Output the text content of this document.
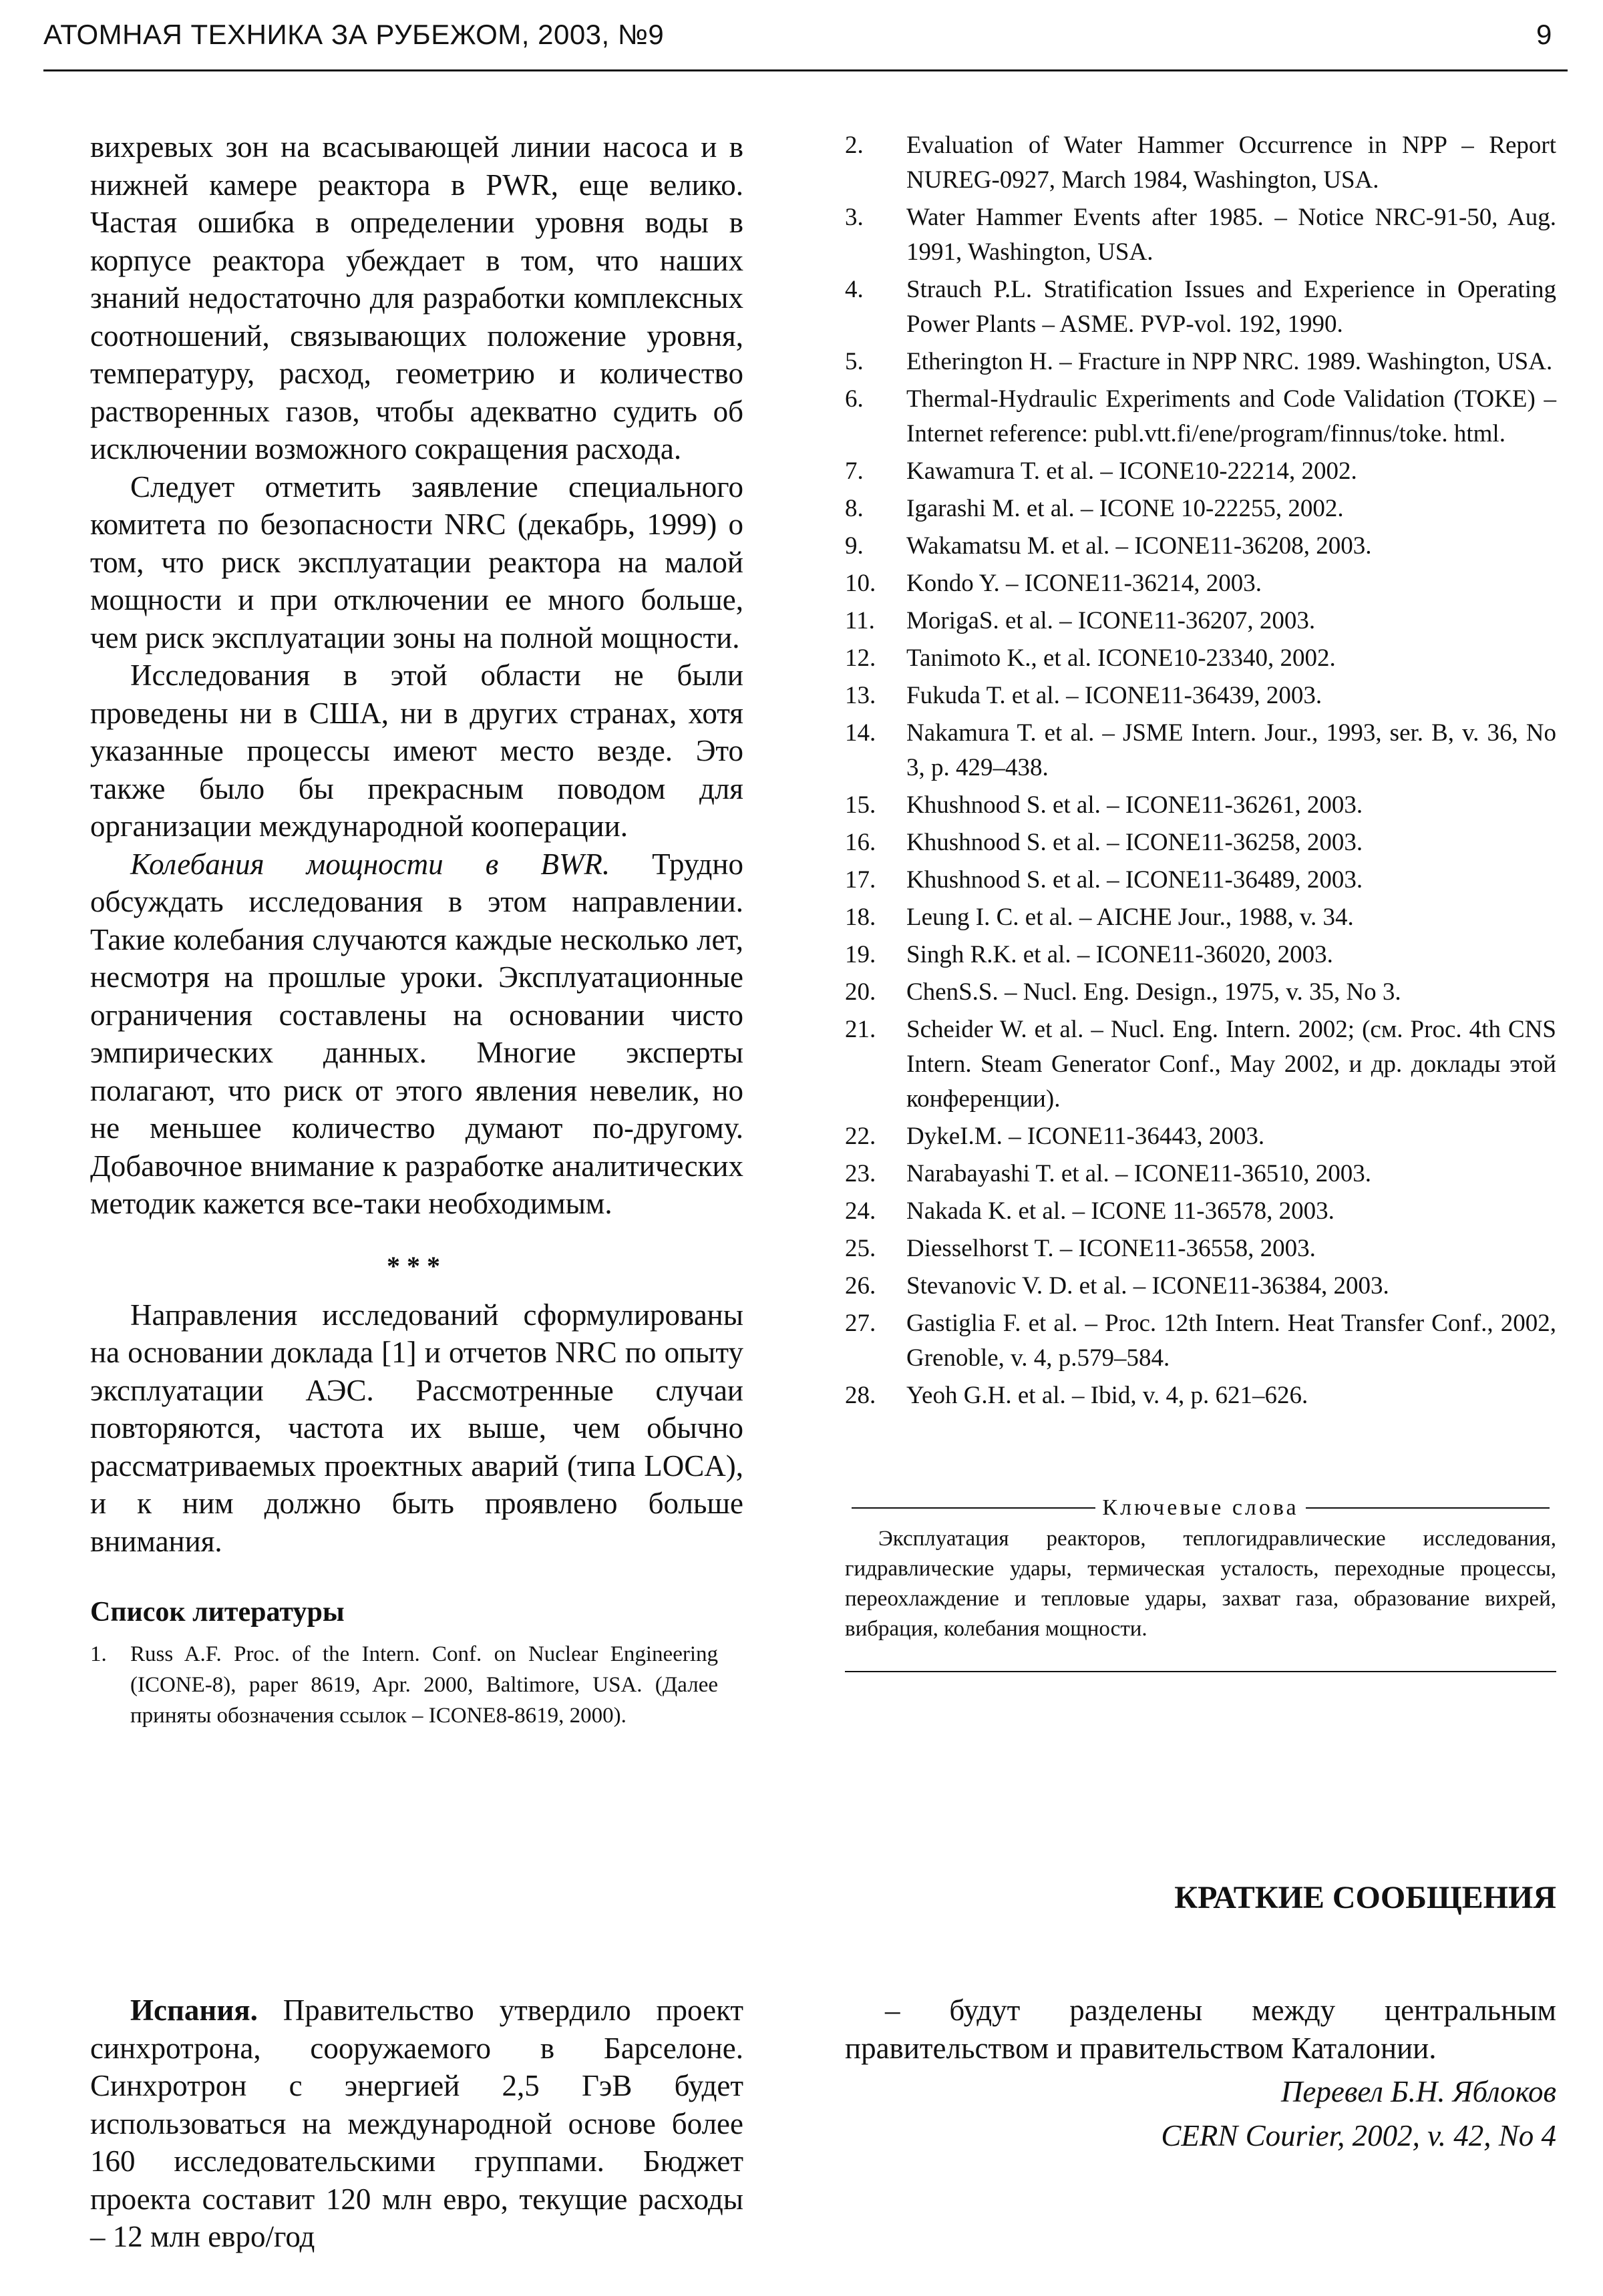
АТОМНАЯ ТЕХНИКА ЗА РУБЕЖОМ, 2003, №9	9

вихревых зон на всасывающей линии насоса и в нижней камере реактора в PWR, еще велико. Частая ошибка в определении уровня воды в корпусе реактора убеждает в том, что наших знаний недостаточно для разработки комплексных соотношений, связывающих положение уровня, температуру, расход, геометрию и количество растворенных газов, чтобы адекватно судить об исключении возможного сокращения расхода.

Следует отметить заявление специального комитета по безопасности NRC (декабрь, 1999) о том, что риск эксплуатации реактора на малой мощности и при отключении ее много больше, чем риск эксплуатации зоны на полной мощности.

Исследования в этой области не были проведены ни в США, ни в других странах, хотя указанные процессы имеют место везде. Это также было бы прекрасным поводом для организации международной кооперации.

Колебания мощности в BWR. Трудно обсуждать исследования в этом направлении. Такие колебания случаются каждые несколько лет, несмотря на прошлые уроки. Эксплуатационные ограничения составлены на основании чисто эмпирических данных. Многие эксперты полагают, что риск от этого явления невелик, но не меньшее количество думают по-другому. Добавочное внимание к разработке аналитических методик кажется все-таки необходимым.

***

Направления исследований сформулированы на основании доклада [1] и отчетов NRC по опыту эксплуатации АЭС. Рассмотренные случаи повторяются, частота их выше, чем обычно рассматриваемых проектных аварий (типа LOCA), и к ним должно быть проявлено больше внимания.

Список литературы
1.	Russ A.F. Proc. of the Intern. Conf. on Nuclear Engineering (ICONE-8), paper 8619, Apr. 2000, Baltimore, USA. (Далее приняты обозначения ссылок – ICONE8-8619, 2000).
2.	Evaluation of Water Hammer Occurrence in NPP – Report NUREG-0927, March 1984, Washington, USA.
3.	Water Hammer Events after 1985. – Notice NRC-91-50, Aug. 1991, Washington, USA.
4.	Strauch P.L. Stratification Issues and Experience in Operating Power Plants – ASME. PVP-vol. 192, 1990.
5.	Etherington H. – Fracture in NPP NRC. 1989. Washington, USA.
6.	Thermal-Hydraulic Experiments and Code Validation (TOKE) – Internet reference: publ.vtt.fi/ene/program/finnus/toke. html.
7.	Kawamura T. et al. – ICONE10-22214, 2002.
8.	Igarashi M. et al. – ICONE 10-22255, 2002.
9.	Wakamatsu M. et al. – ICONE11-36208, 2003.
10.	Kondo Y. – ICONE11-36214, 2003.
11.	MorigaS. et al. – ICONE11-36207, 2003.
12.	Tanimoto K., et al. ICONE10-23340, 2002.
13.	Fukuda T. et al. – ICONE11-36439, 2003.
14.	Nakamura T. et al. – JSME Intern. Jour., 1993, ser. B, v. 36, No 3, p. 429–438.
15.	Khushnood S. et al. – ICONE11-36261, 2003.
16.	Khushnood S. et al. – ICONE11-36258, 2003.
17.	Khushnood S. et al. – ICONE11-36489, 2003.
18.	Leung I. C. et al. – AICHE Jour., 1988, v. 34.
19.	Singh R.K. et al. – ICONE11-36020, 2003.
20.	ChenS.S. – Nucl. Eng. Design., 1975, v. 35, No 3.
21.	Scheider W. et al. – Nucl. Eng. Intern. 2002; (см. Proc. 4th CNS Intern. Steam Generator Conf., May 2002, и др. доклады этой конференции).
22.	DykeI.M. – ICONE11-36443, 2003.
23.	Narabayashi T. et al. – ICONE11-36510, 2003.
24.	Nakada K. et al. – ICONE 11-36578, 2003.
25.	Diesselhorst T. – ICONE11-36558, 2003.
26.	Stevanovic V. D. et al. – ICONE11-36384, 2003.
27.	Gastiglia F. et al. – Proc. 12th Intern. Heat Transfer Conf., 2002, Grenoble, v. 4, p.579–584.
28.	Yeoh G.H. et al. – Ibid, v. 4, p. 621–626.
Ключевые слова
Эксплуатация реакторов, теплогидравлические исследования, гидравлические удары, термическая усталость, переходные процессы, переохлаждение и тепловые удары, захват газа, образование вихрей, вибрация, колебания мощности.
КРАТКИЕ СООБЩЕНИЯ

Испания. Правительство утвердило проект синхротрона, сооружаемого в Барселоне. Синхротрон с энергией 2,5 ГэВ будет использоваться на международной основе более 160 исследовательскими группами. Бюджет проекта составит 120 млн евро, текущие расходы – 12 млн евро/год

– будут разделены между центральным правительством и правительством Каталонии.

Перевел Б.Н. Яблоков

CERN Courier, 2002, v. 42, No 4
